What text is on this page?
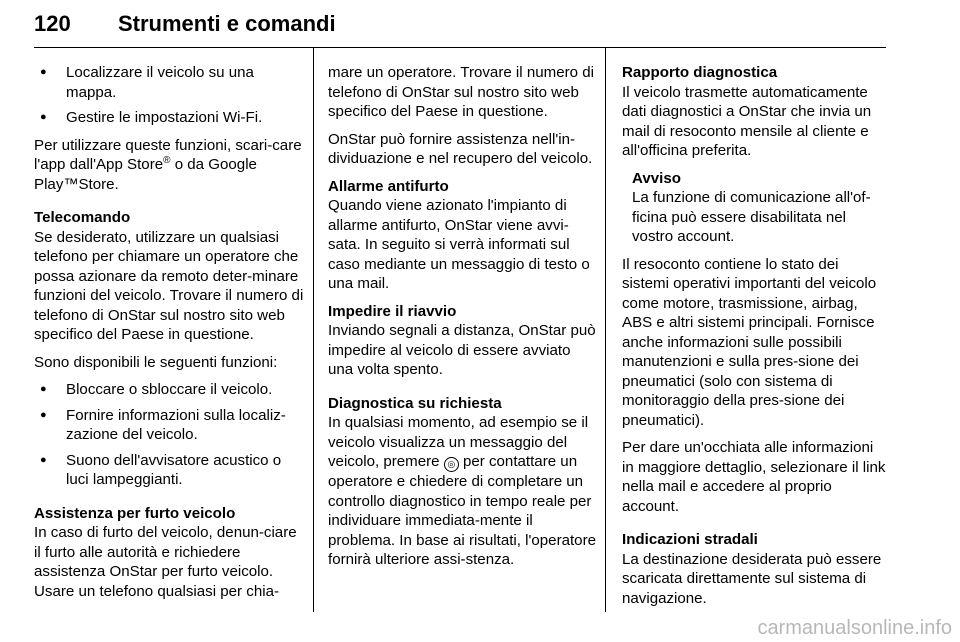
120 Strumenti e comandi
● Localizzare il veicolo su una mappa.
● Gestire le impostazioni Wi-Fi.

Per utilizzare queste funzioni, scari-care l'app dall'App Store® o da Google Play™Store.

Telecomando

Se desiderato, utilizzare un qualsiasi telefono per chiamare un operatore che possa azionare da remoto deter-minare funzioni del veicolo. Trovare il numero di telefono di OnStar sul nostro sito web specifico del Paese in questione.

Sono disponibili le seguenti funzioni:

● Bloccare o sbloccare il veicolo.
● Fornire informazioni sulla localiz-zazione del veicolo.
● Suono dell'avvisatore acustico o luci lampeggianti.
Assistenza per furto veicolo

In caso di furto del veicolo, denun-ciare il furto alle autorità e richiedere assistenza OnStar per furto veicolo. Usare un telefono qualsiasi per chia-

mare un operatore. Trovare il numero di telefono di OnStar sul nostro sito web specifico del Paese in questione.

OnStar può fornire assistenza nell'in-dividuazione e nel recupero del veicolo.

Allarme antifurto

Quando viene azionato l'impianto di allarme antifurto, OnStar viene avvi-sata. In seguito si verrà informati sul caso mediante un messaggio di testo o una mail.

Impedire il riavvio

Inviando segnali a distanza, OnStar può impedire al veicolo di essere avviato una volta spento.

Diagnostica su richiesta

In qualsiasi momento, ad esempio se il veicolo visualizza un messaggio del veicolo, premere ◎ per contattare un operatore e chiedere di completare un controllo diagnostico in tempo reale per individuare immediata-mente il problema. In base ai risultati, l'operatore fornirà ulteriore assi-stenza.

Rapporto diagnostica

Il veicolo trasmette automaticamente dati diagnostici a OnStar che invia un mail di resoconto mensile al cliente e all'officina preferita.

Avviso
La funzione di comunicazione all'of-ficina può essere disabilitata nel vostro account.

Il resoconto contiene lo stato dei sistemi operativi importanti del veicolo come motore, trasmissione, airbag, ABS e altri sistemi principali. Fornisce anche informazioni sulle possibili manutenzioni e sulla pres-sione dei pneumatici (solo con sistema di monitoraggio della pres-sione dei pneumatici).

Per dare un'occhiata alle informazioni in maggiore dettaglio, selezionare il link nella mail e accedere al proprio account.

Indicazioni stradali

La destinazione desiderata può essere scaricata direttamente sul sistema di navigazione.

carmanualsonline.info
